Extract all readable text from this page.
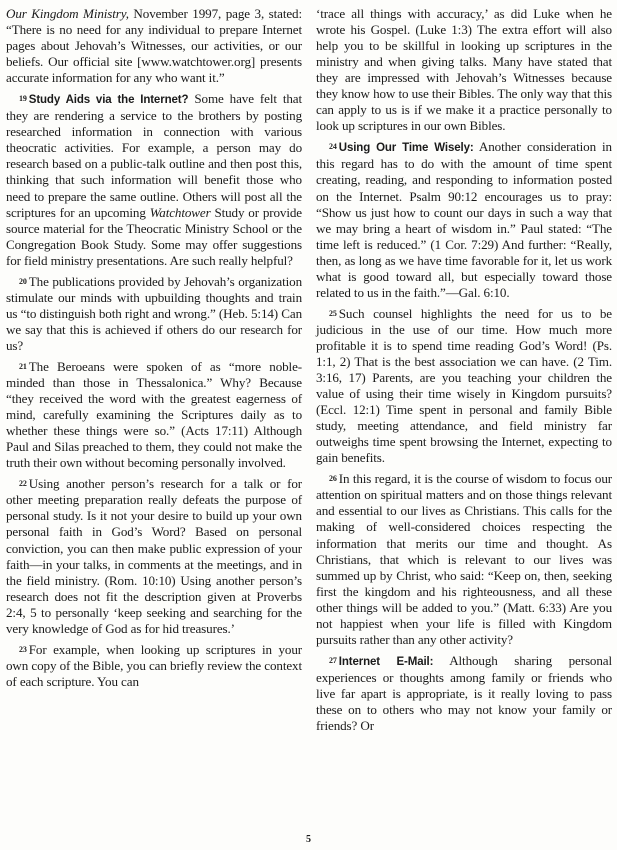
Our Kingdom Ministry, November 1997, page 3, stated: “There is no need for any individual to prepare Internet pages about Jehovah’s Witnesses, our activities, or our beliefs. Our official site [www.watchtower.org] presents accurate information for any who want it.”

19 Study Aids via the Internet? Some have felt that they are rendering a service to the brothers by posting researched information in connection with various theocratic activities. For example, a person may do research based on a public-talk outline and then post this, thinking that such information will benefit those who need to prepare the same outline. Others will post all the scriptures for an upcoming Watchtower Study or provide source material for the Theocratic Ministry School or the Congregation Book Study. Some may offer suggestions for field ministry presentations. Are such really helpful?

20 The publications provided by Jehovah’s organization stimulate our minds with upbuilding thoughts and train us “to distinguish both right and wrong.” (Heb. 5:14) Can we say that this is achieved if others do our research for us?

21 The Beroeans were spoken of as “more noble-minded than those in Thessalonica.” Why? Because “they received the word with the greatest eagerness of mind, carefully examining the Scriptures daily as to whether these things were so.” (Acts 17:11) Although Paul and Silas preached to them, they could not make the truth their own without becoming personally involved.

22 Using another person’s research for a talk or for other meeting preparation really defeats the purpose of personal study. Is it not your desire to build up your own personal faith in God’s Word? Based on personal conviction, you can then make public expression of your faith—in your talks, in comments at the meetings, and in the field ministry. (Rom. 10:10) Using another person’s research does not fit the description given at Proverbs 2:4, 5 to personally ‘keep seeking and searching for the very knowledge of God as for hid treasures.’

23 For example, when looking up scriptures in your own copy of the Bible, you can briefly review the context of each scripture. You can

‘trace all things with accuracy,’ as did Luke when he wrote his Gospel. (Luke 1:3) The extra effort will also help you to be skillful in looking up scriptures in the ministry and when giving talks. Many have stated that they are impressed with Jehovah’s Witnesses because they know how to use their Bibles. The only way that this can apply to us is if we make it a practice personally to look up scriptures in our own Bibles.

24 Using Our Time Wisely: Another consideration in this regard has to do with the amount of time spent creating, reading, and responding to information posted on the Internet. Psalm 90:12 encourages us to pray: “Show us just how to count our days in such a way that we may bring a heart of wisdom in.” Paul stated: “The time left is reduced.” (1 Cor. 7:29) And further: “Really, then, as long as we have time favorable for it, let us work what is good toward all, but especially toward those related to us in the faith.”—Gal. 6:10.

25 Such counsel highlights the need for us to be judicious in the use of our time. How much more profitable it is to spend time reading God’s Word! (Ps. 1:1, 2) That is the best association we can have. (2 Tim. 3:16, 17) Parents, are you teaching your children the value of using their time wisely in Kingdom pursuits? (Eccl. 12:1) Time spent in personal and family Bible study, meeting attendance, and field ministry far outweighs time spent browsing the Internet, expecting to gain benefits.

26 In this regard, it is the course of wisdom to focus our attention on spiritual matters and on those things relevant and essential to our lives as Christians. This calls for the making of well-considered choices respecting the information that merits our time and thought. As Christians, that which is relevant to our lives was summed up by Christ, who said: “Keep on, then, seeking first the kingdom and his righteousness, and all these other things will be added to you.” (Matt. 6:33) Are you not happiest when your life is filled with Kingdom pursuits rather than any other activity?

27 Internet E-Mail: Although sharing personal experiences or thoughts among family or friends who live far apart is appropriate, is it really loving to pass these on to others who may not know your family or friends? Or

5
